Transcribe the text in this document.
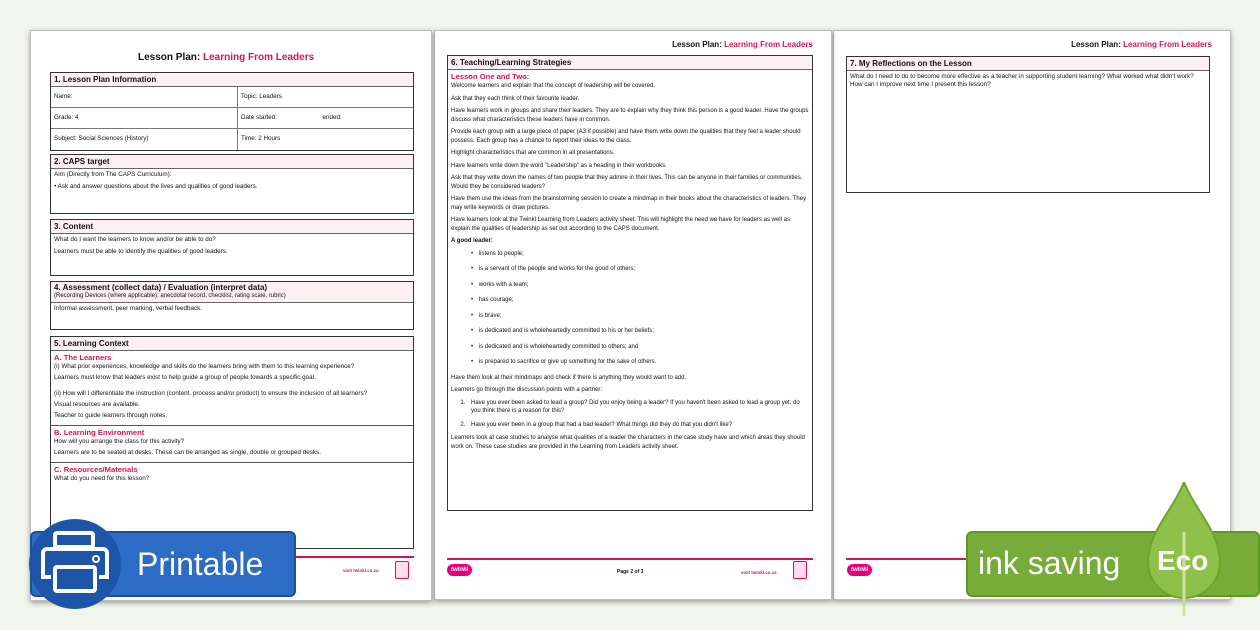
Lesson Plan: Learning From Leaders
1. Lesson Plan Information
Name:	Topic: Leaders
Grade: 4	Date started:                          ended:
Subject: Social Sciences (History)	Time: 2 Hours
2. CAPS target

Aim (Directly from The CAPS Curriculum):

• Ask and answer questions about the lives and qualities of good leaders.

3. Content

What do I want the learners to know and/or be able to do?

Learners must be able to identify the qualities of good leaders.

4. Assessment (collect data) / Evaluation (interpret data)
(Recording Devices (where applicable): anecdotal record, checklist, rating scale, rubric)
Informal assessment, peer marking, verbal feedback.
5. Learning Context
A. The Learners

(i) What prior experiences, knowledge and skills do the learners bring with them to this learning experience?

Learners must know that leaders exist to help guide a group of people towards a specific goal.

(ii) How will I differentiate the instruction (content, process and/or product) to ensure the inclusion of all learners?

Visual resources are available.

Teacher to guide learners through notes.

B. Learning Environment

How will you arrange the class for this activity?

Learners are to be seated at desks. These can be arranged as single, double or grouped desks.

C. Resources/Materials

What do you need for this lesson?

visit twinkl.co.za
Lesson Plan: Learning From Leaders
6. Teaching/Learning Strategies
Lesson One and Two:

Welcome learners and explain that the concept of leadership will be covered.

Ask that they each think of their favourite leader.

Have learners work in groups and share their leaders. They are to explain why they think this person is a good leader. Have the groups discuss what characteristics these leaders have in common.

Provide each group with a large piece of paper (A3 if possible) and have them write down the qualities that they feel a leader should possess. Each group has a chance to report their ideas to the class.

Highlight characteristics that are common in all presentations.

Have learners write down the word "Leadership" as a heading in their workbooks.

Ask that they write down the names of two people that they admire in their lives. This can be anyone in their families or communities. Would they be considered leaders?

Have them use the ideas from the brainstorming session to create a mindmap in their books about the characteristics of leaders. They may write keywords or draw pictures.

Have learners look at the Twinkl Learning from Leaders activity sheet. This will highlight the need we have for leaders as well as explain the qualities of leadership as set out according to the CAPS document.

A good leader:

• listens to people;
• is a servant of the people and works for the good of others;
• works with a team;
• has courage;
• is brave;
• is dedicated and is wholeheartedly committed to his or her beliefs;
• is dedicated and is wholeheartedly committed to others; and
• is prepared to sacrifice or give up something for the sake of others.

Have them look at their mindmaps and check if there is anything they would want to add.

Learners go through the discussion points with a partner:

1. Have you ever been asked to lead a group? Did you enjoy being a leader? If you haven't been asked to lead a group yet, do you think there is a reason for this?
2. Have you ever been in a group that had a bad leader? What things did they do that you didn't like?

Learners look at case studies to analyse what qualities of a leader the characters in the case study have and which areas they should work on. These case studies are provided in the Learning from Leaders activity sheet.

twinkl	Page 2 of 3	visit twinkl.co.za
Lesson Plan: Learning From Leaders
7. My Reflections on the Lesson
What do I need to do to become more effective as a teacher in supporting student learning? What worked what didn't work? How can I improve next time I present this lesson?
twinkl
Printable	ink saving Eco
